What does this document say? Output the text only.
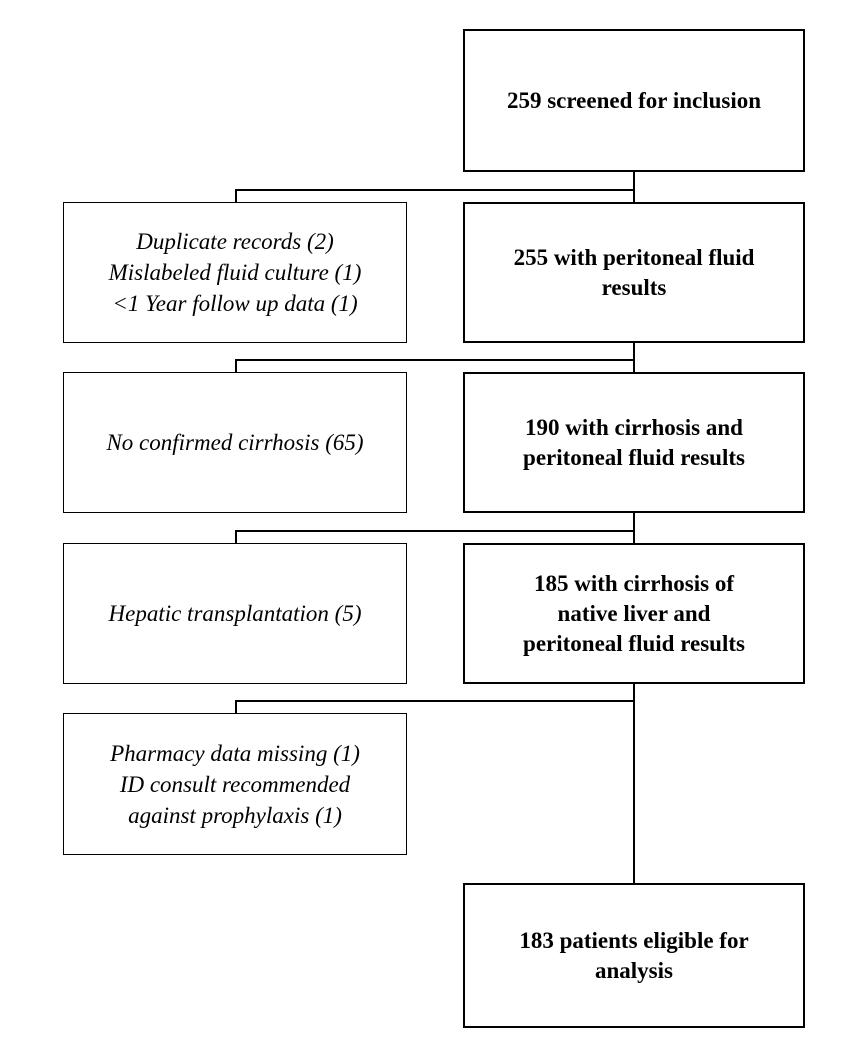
259 screened for inclusion
255 with peritoneal fluid
results
190 with cirrhosis and
peritoneal fluid results
185 with cirrhosis of
native liver and
peritoneal fluid results
183 patients eligible for
analysis
Duplicate records (2)
Mislabeled fluid culture (1)
<1 Year follow up data (1)
No confirmed cirrhosis (65)
Hepatic transplantation (5)
Pharmacy data missing (1)
ID consult recommended
against prophylaxis (1)
